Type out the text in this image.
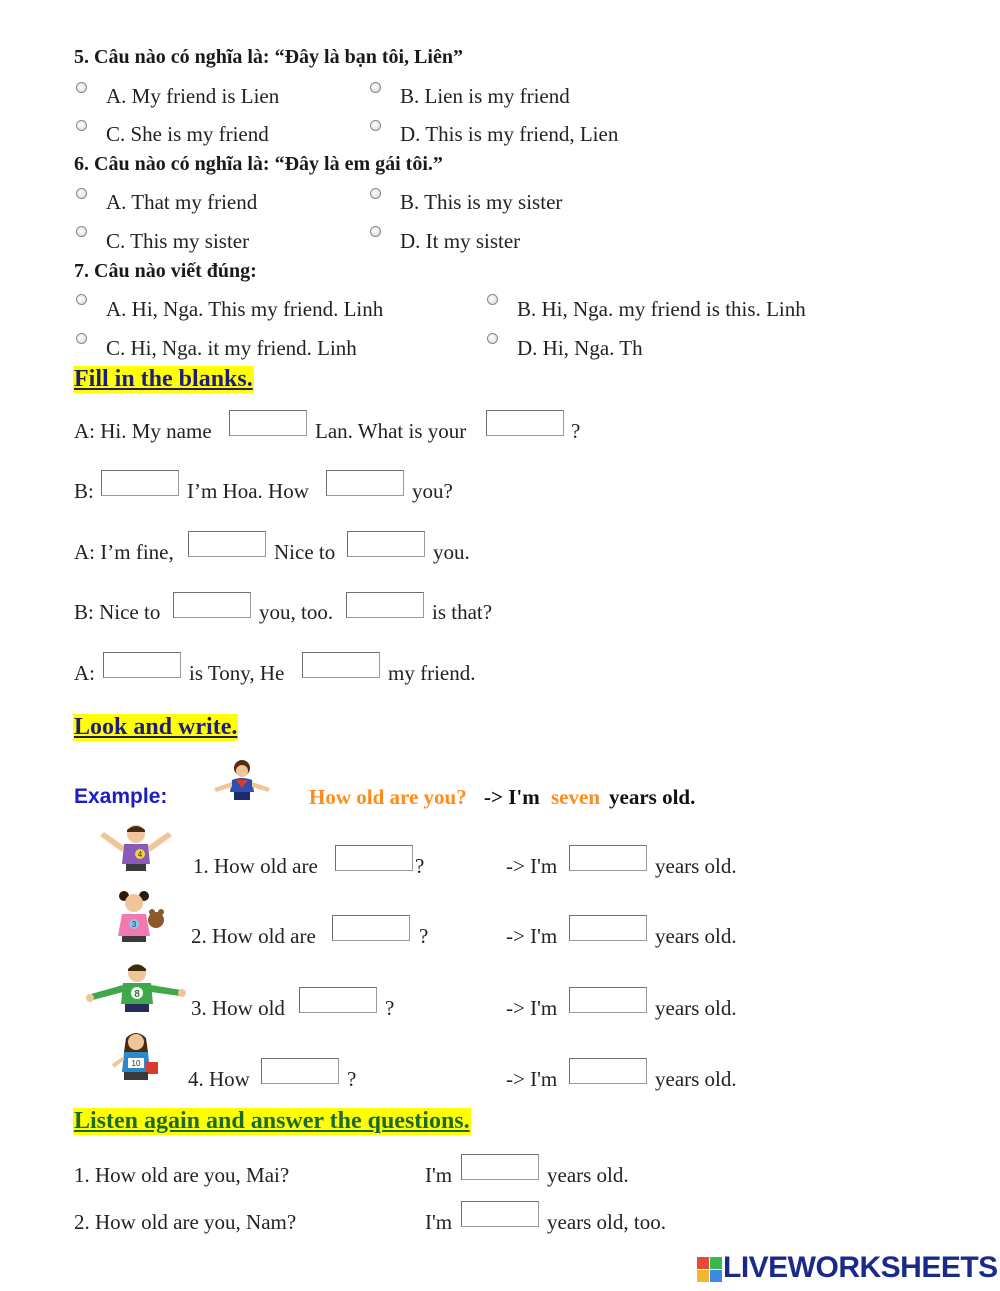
5. Câu nào có nghĩa là: “Đây là bạn tôi, Liên”
A. My friend is Lien	B. Lien is my friend
C. She is my friend	D. This is my friend, Lien
6. Câu nào có nghĩa là: “Đây là em gái tôi.”
A. That my friend	B. This is my sister
C. This my sister	D. It my sister
7. Câu nào viết đúng:
A. Hi, Nga. This my friend. Linh	B. Hi, Nga. my friend is this. Linh
C. Hi, Nga. it my friend. Linh	D. Hi, Nga. Th
Fill in the blanks.
A: Hi. My name	Lan. What is your	?
B:	I’m Hoa. How	you?
A: I’m fine,	Nice to	you.
B: Nice to	you, too.	is that?
A:	is Tony, He	my friend.
Look and write.
Example:	How old are you? -> I'm seven years old.
4 1. How old are	?	-> I'm	years old.
3	2. How old are	?	-> I'm	years old.
8
3. How old	?	-> I'm	years old.
10
4. How	?	-> I'm	years old.
Listen again and answer the questions.
1. How old are you, Mai?	I'm	years old.
2. How old are you, Nam?	I'm	years old, too.
LIVEWORKSHEETS
